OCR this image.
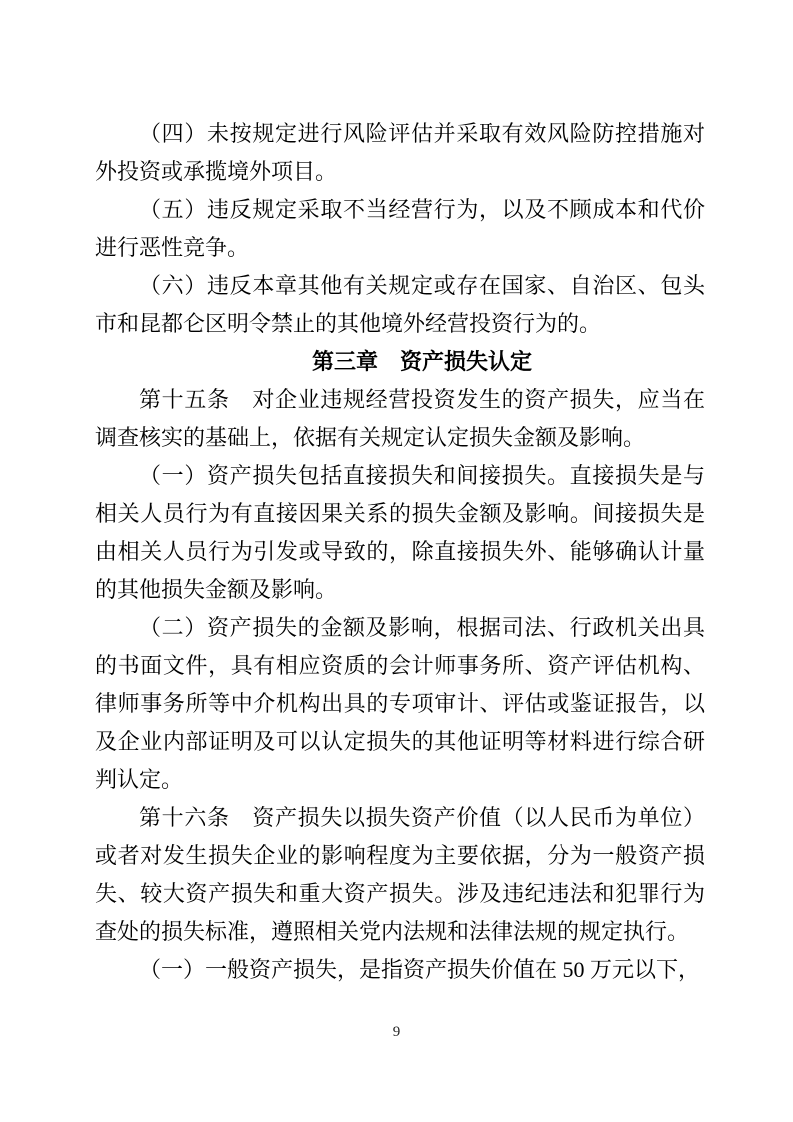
（四）未按规定进行风险评估并采取有效风险防控措施对外投资或承揽境外项目。

（五）违反规定采取不当经营行为，以及不顾成本和代价进行恶性竞争。

（六）违反本章其他有关规定或存在国家、自治区、包头市和昆都仑区明令禁止的其他境外经营投资行为的。

第三章　资产损失认定

第十五条　对企业违规经营投资发生的资产损失，应当在调查核实的基础上，依据有关规定认定损失金额及影响。

（一）资产损失包括直接损失和间接损失。直接损失是与相关人员行为有直接因果关系的损失金额及影响。间接损失是由相关人员行为引发或导致的，除直接损失外、能够确认计量的其他损失金额及影响。

（二）资产损失的金额及影响，根据司法、行政机关出具的书面文件，具有相应资质的会计师事务所、资产评估机构、律师事务所等中介机构出具的专项审计、评估或鉴证报告，以及企业内部证明及可以认定损失的其他证明等材料进行综合研判认定。

第十六条　资产损失以损失资产价值（以人民币为单位）或者对发生损失企业的影响程度为主要依据，分为一般资产损失、较大资产损失和重大资产损失。涉及违纪违法和犯罪行为查处的损失标准，遵照相关党内法规和法律法规的规定执行。

（一）一般资产损失，是指资产损失价值在 50 万元以下，

9
